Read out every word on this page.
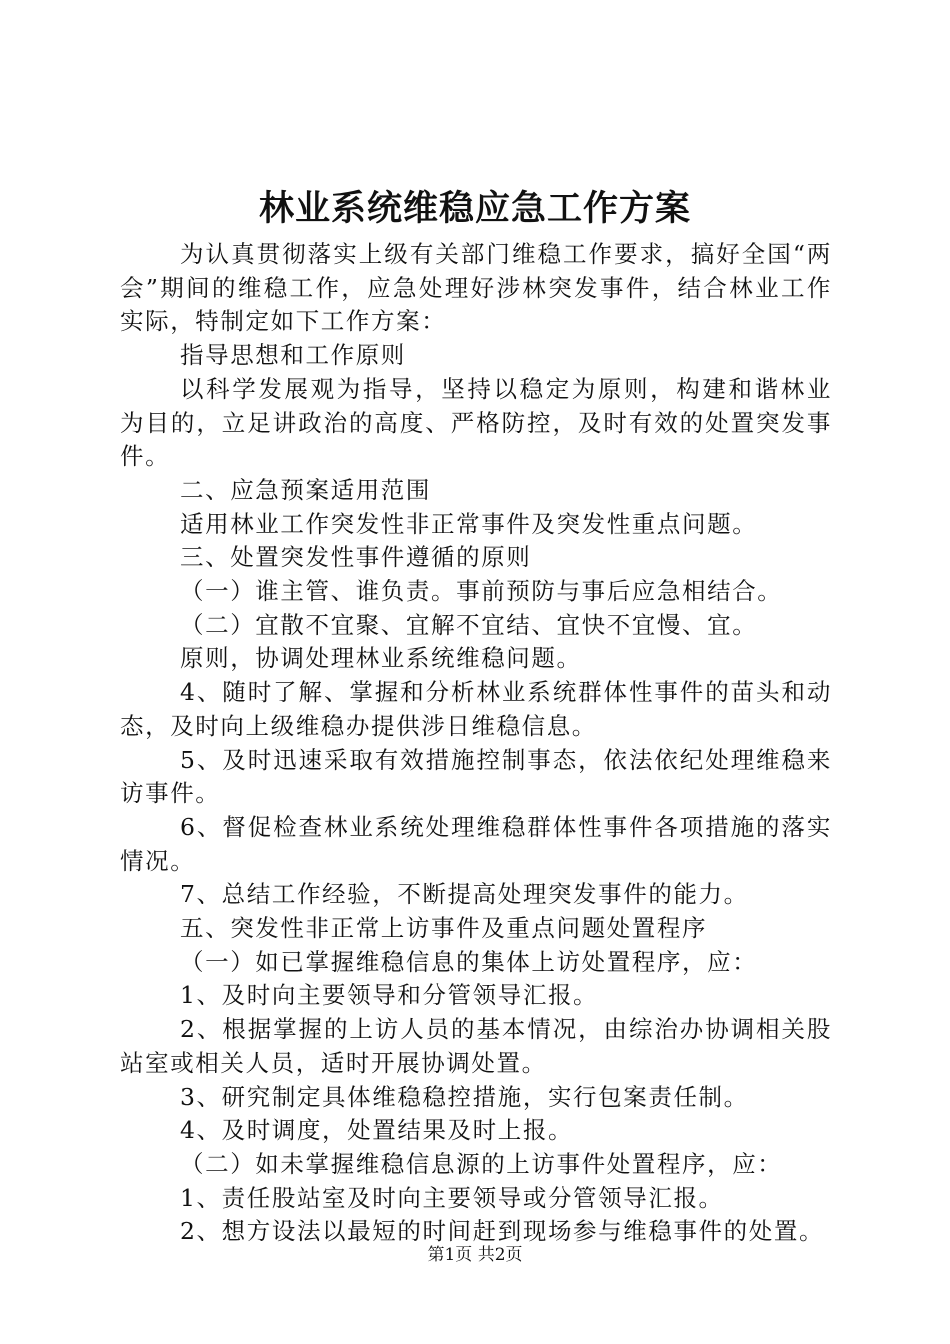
林业系统维稳应急工作方案

为认真贯彻落实上级有关部门维稳工作要求，搞好全国“两会”期间的维稳工作，应急处理好涉林突发事件，结合林业工作实际，特制定如下工作方案：

指导思想和工作原则

以科学发展观为指导，坚持以稳定为原则，构建和谐林业为目的，立足讲政治的高度、严格防控，及时有效的处置突发事件。

二、应急预案适用范围

适用林业工作突发性非正常事件及突发性重点问题。

三、处置突发性事件遵循的原则

（一）谁主管、谁负责。事前预防与事后应急相结合。

（二）宜散不宜聚、宜解不宜结、宜快不宜慢、宜。

原则，协调处理林业系统维稳问题。

4、随时了解、掌握和分析林业系统群体性事件的苗头和动态，及时向上级维稳办提供涉日维稳信息。

5、及时迅速采取有效措施控制事态，依法依纪处理维稳来访事件。

6、督促检查林业系统处理维稳群体性事件各项措施的落实情况。

7、总结工作经验，不断提高处理突发事件的能力。

五、突发性非正常上访事件及重点问题处置程序

（一）如已掌握维稳信息的集体上访处置程序，应：

1、及时向主要领导和分管领导汇报。

2、根据掌握的上访人员的基本情况，由综治办协调相关股站室或相关人员，适时开展协调处置。

3、研究制定具体维稳稳控措施，实行包案责任制。

4、及时调度，处置结果及时上报。

（二）如未掌握维稳信息源的上访事件处置程序，应：

1、责任股站室及时向主要领导或分管领导汇报。

2、想方设法以最短的时间赶到现场参与维稳事件的处置。

第1页 共2页
